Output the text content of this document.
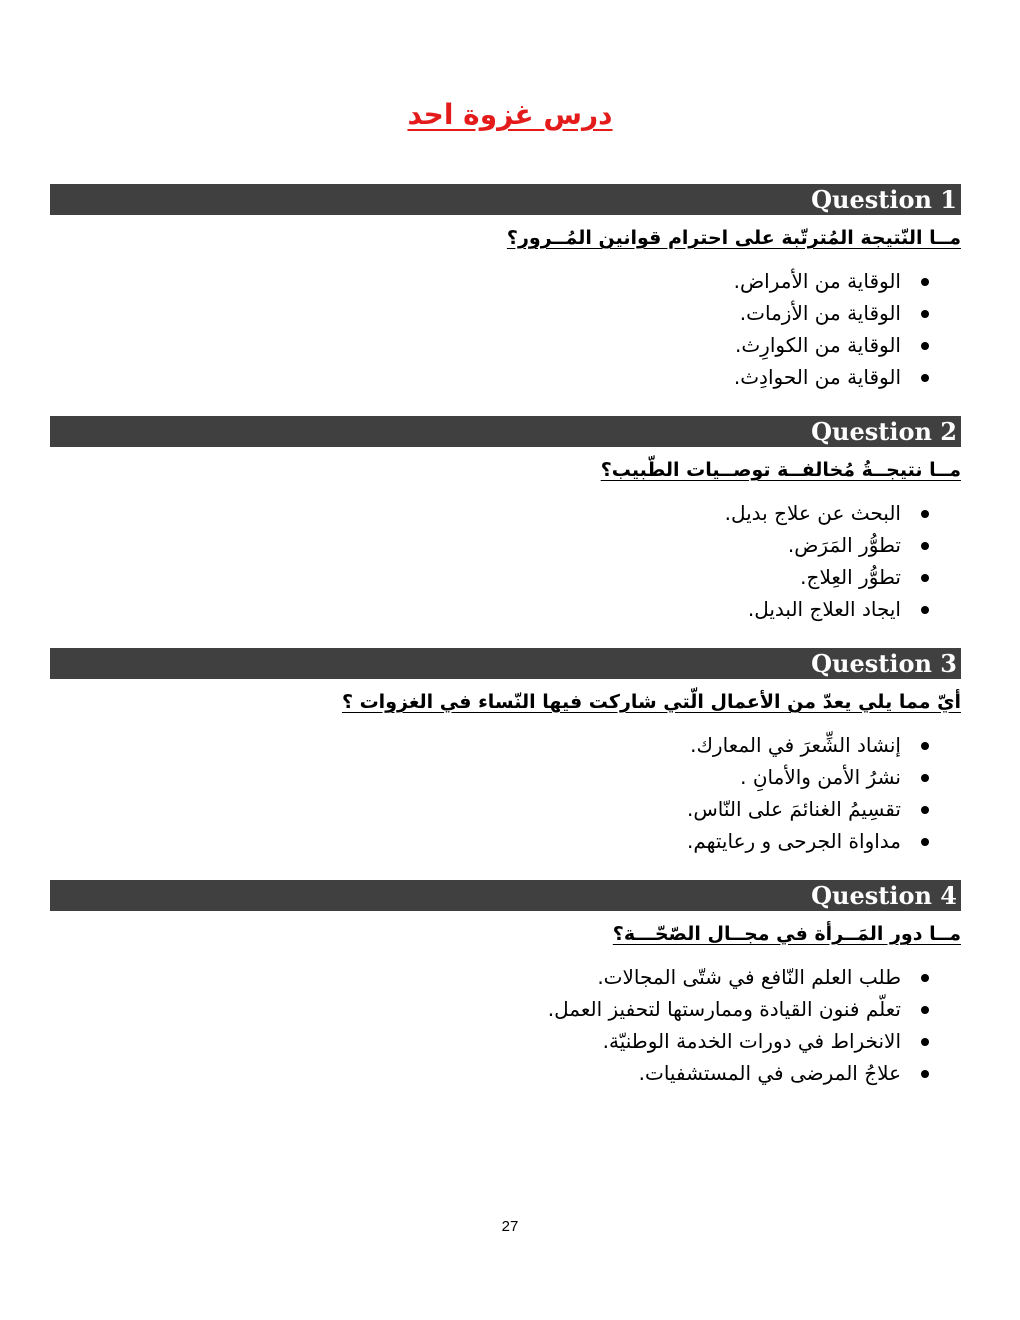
درس غزوة احد
Question 1
مــا النّتيجة المُترتّبة على احترام قوانين المُــرور؟
الوقاية من الأمراض.
الوقاية من الأزمات.
الوقاية من الكوارِث.
الوقاية من الحوادِث.
Question 2
مــا نتيجــةُ مُخالفــة توصــيات الطّبيب؟
البحث عن علاج بديل.
تطوُّر المَرَض.
تطوُّر العِلاج.
ايجاد العلاج البديل.
Question 3
أيّ مما يلي يعدّ من الأعمال الّتي شاركت فيها النّساء في الغزوات ؟
إنشاد الشِّعرَ في المعارك.
نشرُ الأمن والأمانِ .
تقسِيمُ الغنائمَ على النّاس.
مداواة الجرحى و رعايتهم.
Question 4
مــا دور المَــرأة في مجــال الصّحّـــة؟
طلب العلم النّافع في شتّى المجالات.
تعلّم فنون القيادة وممارستها لتحفيز العمل.
الانخراط في دورات الخدمة الوطنيّة.
علاجُ المرضى في المستشفيات.
27
